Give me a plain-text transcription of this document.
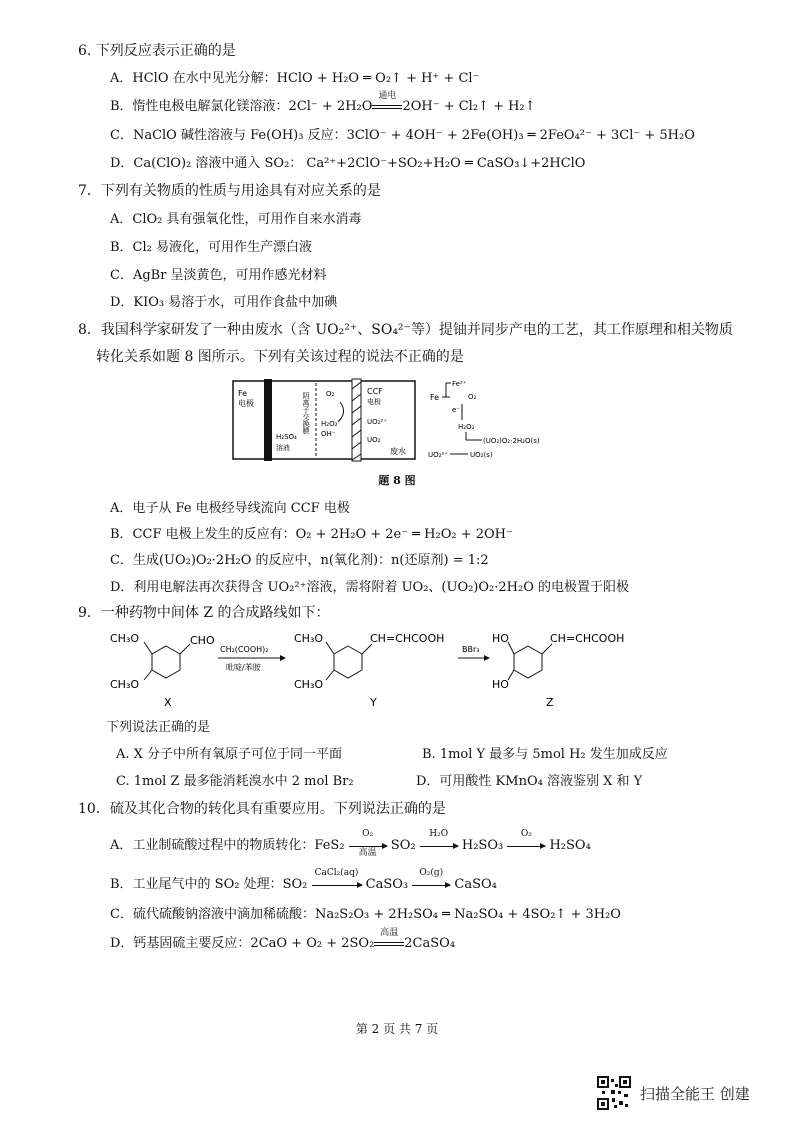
6. 下列反应表示正确的是
A．HClO 在水中见光分解：HClO + H₂O ═ O₂↑ + H⁺ + Cl⁻
B．惰性电极电解氯化镁溶液：2Cl⁻ + 2H₂O
通电
2OH⁻ + Cl₂↑ + H₂↑
C．NaClO 碱性溶液与 Fe(OH)₃ 反应：3ClO⁻ + 4OH⁻ + 2Fe(OH)₃ ═ 2FeO₄²⁻ + 3Cl⁻ + 5H₂O
D．Ca(ClO)₂ 溶液中通入 SO₂： Ca²⁺+2ClO⁻+SO₂+H₂O ═ CaSO₃↓+2HClO
7．下列有关物质的性质与用途具有对应关系的是
A．ClO₂ 具有强氧化性，可用作自来水消毒
B．Cl₂ 易液化，可用作生产漂白液
C．AgBr 呈淡黄色，可用作感光材料
D．KIO₃ 易溶于水，可用作食盐中加碘
8．我国科学家研发了一种由废水（含 UO₂²⁺、SO₄²⁻等）提铀并同步产电的工艺，其工作原理和相关物质
转化关系如题 8 图所示。下列有关该过程的说法不正确的是
Fe
电极
H₂SO₄
溶液
阴离子交换膜 O₂
H₂O₂
OH⁻
CCF
电极
UO₂²⁺
UO₂
废水
Fe
Fe²⁺
e⁻
O₂
H₂O₂
(UO₂)O₂·2H₂O(s)
UO₂²⁺	UO₂(s)
题 8 图
A．电子从 Fe 电极经导线流向 CCF 电极
B．CCF 电极上发生的反应有：O₂ + 2H₂O + 2e⁻ ═ H₂O₂ + 2OH⁻
C．生成(UO₂)O₂·2H₂O 的反应中，n(氧化剂)：n(还原剂) = 1:2
D．利用电解法再次获得含 UO₂²⁺溶液，需将附着 UO₂、(UO₂)O₂·2H₂O 的电极置于阳极
9．一种药物中间体 Z 的合成路线如下：
CH₃O
CH₃O
CHO
X
CH₂(COOH)₂
吡啶/苯胺
CH₃O
CH₃O
CH=CHCOOH
Y
BBr₃
HO
HO
CH=CHCOOH
Z
下列说法正确的是
A. X 分子中所有氧原子可位于同一平面	B. 1mol Y 最多与 5mol H₂ 发生加成反应
C. 1mol Z 最多能消耗溴水中 2 mol Br₂	D．可用酸性 KMnO₄ 溶液鉴别 X 和 Y
10．硫及其化合物的转化具有重要应用。下列说法正确的是
A．工业制硫酸过程中的物质转化：FeS₂
O₂
高温	SO₂
H₂O
H₂SO₃
O₂
H₂SO₄
B．工业尾气中的 SO₂ 处理：SO₂
CaCl₂(aq)
CaSO₃
O₂(g)
CaSO₄
C．硫代硫酸钠溶液中滴加稀硫酸：Na₂S₂O₃ + 2H₂SO₄ ═ Na₂SO₄ + 4SO₂↑ + 3H₂O
D．钙基固硫主要反应：2CaO + O₂ + 2SO₂
高温
2CaSO₄
第 2 页 共 7 页
扫描全能王 创建
